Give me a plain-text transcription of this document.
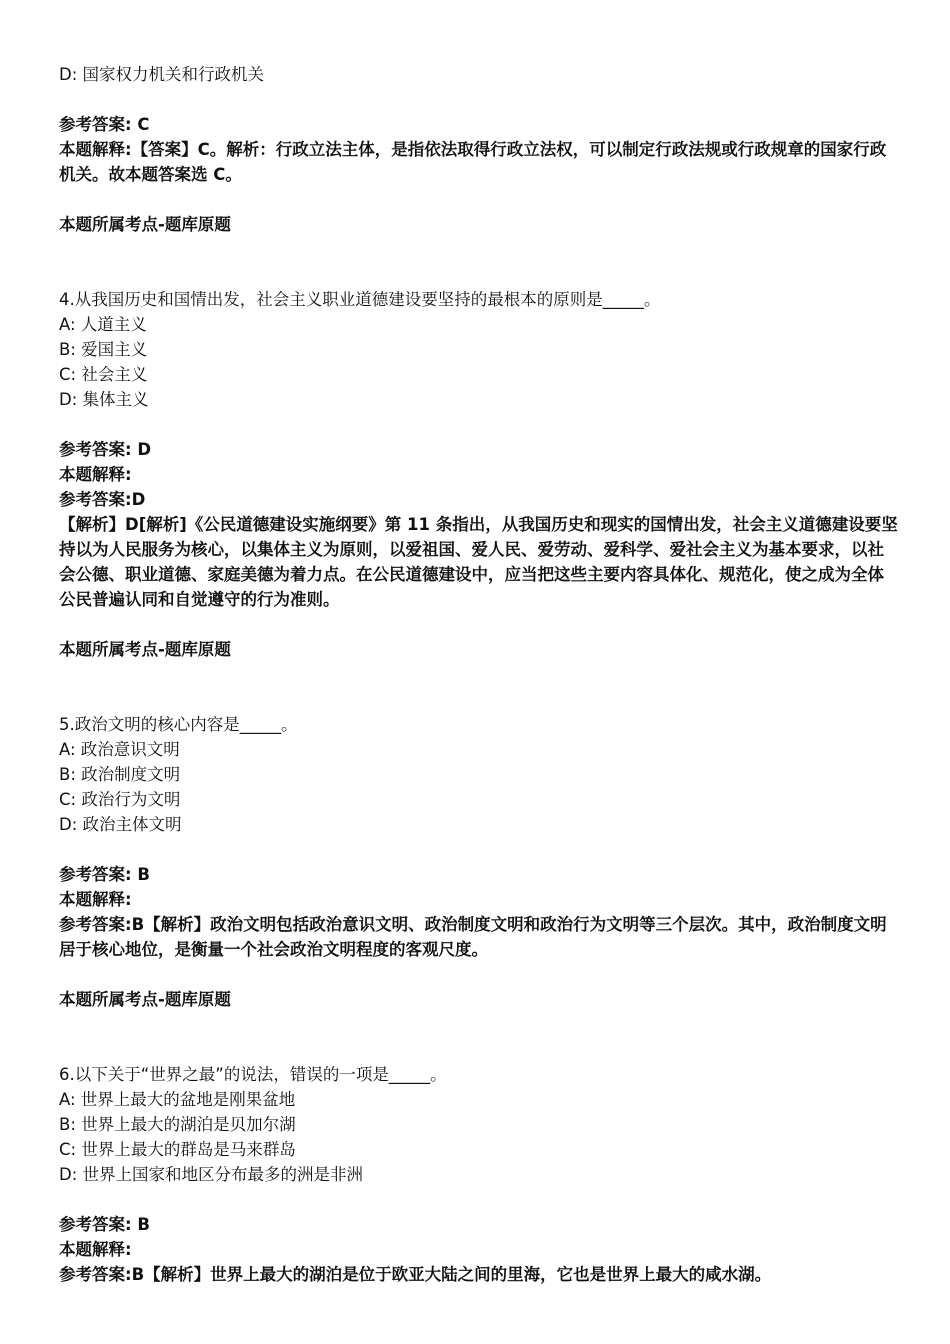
D: 国家权力机关和行政机关
参考答案: C
本题解释:【答案】C。解析：行政立法主体，是指依法取得行政立法权，可以制定行政法规或行政规章的国家行政机关。故本题答案选 C。
本题所属考点-题库原题
4.从我国历史和国情出发，社会主义职业道德建设要坚持的最根本的原则是_____。
A: 人道主义
B: 爱国主义
C: 社会主义
D: 集体主义
参考答案: D
本题解释:
参考答案:D
【解析】D[解析]《公民道德建设实施纲要》第 11 条指出，从我国历史和现实的国情出发，社会主义道德建设要坚持以为人民服务为核心，以集体主义为原则，以爱祖国、爱人民、爱劳动、爱科学、爱社会主义为基本要求，以社会公德、职业道德、家庭美德为着力点。在公民道德建设中，应当把这些主要内容具体化、规范化，使之成为全体公民普遍认同和自觉遵守的行为准则。
本题所属考点-题库原题
5.政治文明的核心内容是_____。
A: 政治意识文明
B: 政治制度文明
C: 政治行为文明
D: 政治主体文明
参考答案: B
本题解释:
参考答案:B【解析】政治文明包括政治意识文明、政治制度文明和政治行为文明等三个层次。其中，政治制度文明居于核心地位，是衡量一个社会政治文明程度的客观尺度。
本题所属考点-题库原题
6.以下关于“世界之最”的说法，错误的一项是_____。
A: 世界上最大的盆地是刚果盆地
B: 世界上最大的湖泊是贝加尔湖
C: 世界上最大的群岛是马来群岛
D: 世界上国家和地区分布最多的洲是非洲
参考答案: B
本题解释:
参考答案:B【解析】世界上最大的湖泊是位于欧亚大陆之间的里海，它也是世界上最大的咸水湖。
